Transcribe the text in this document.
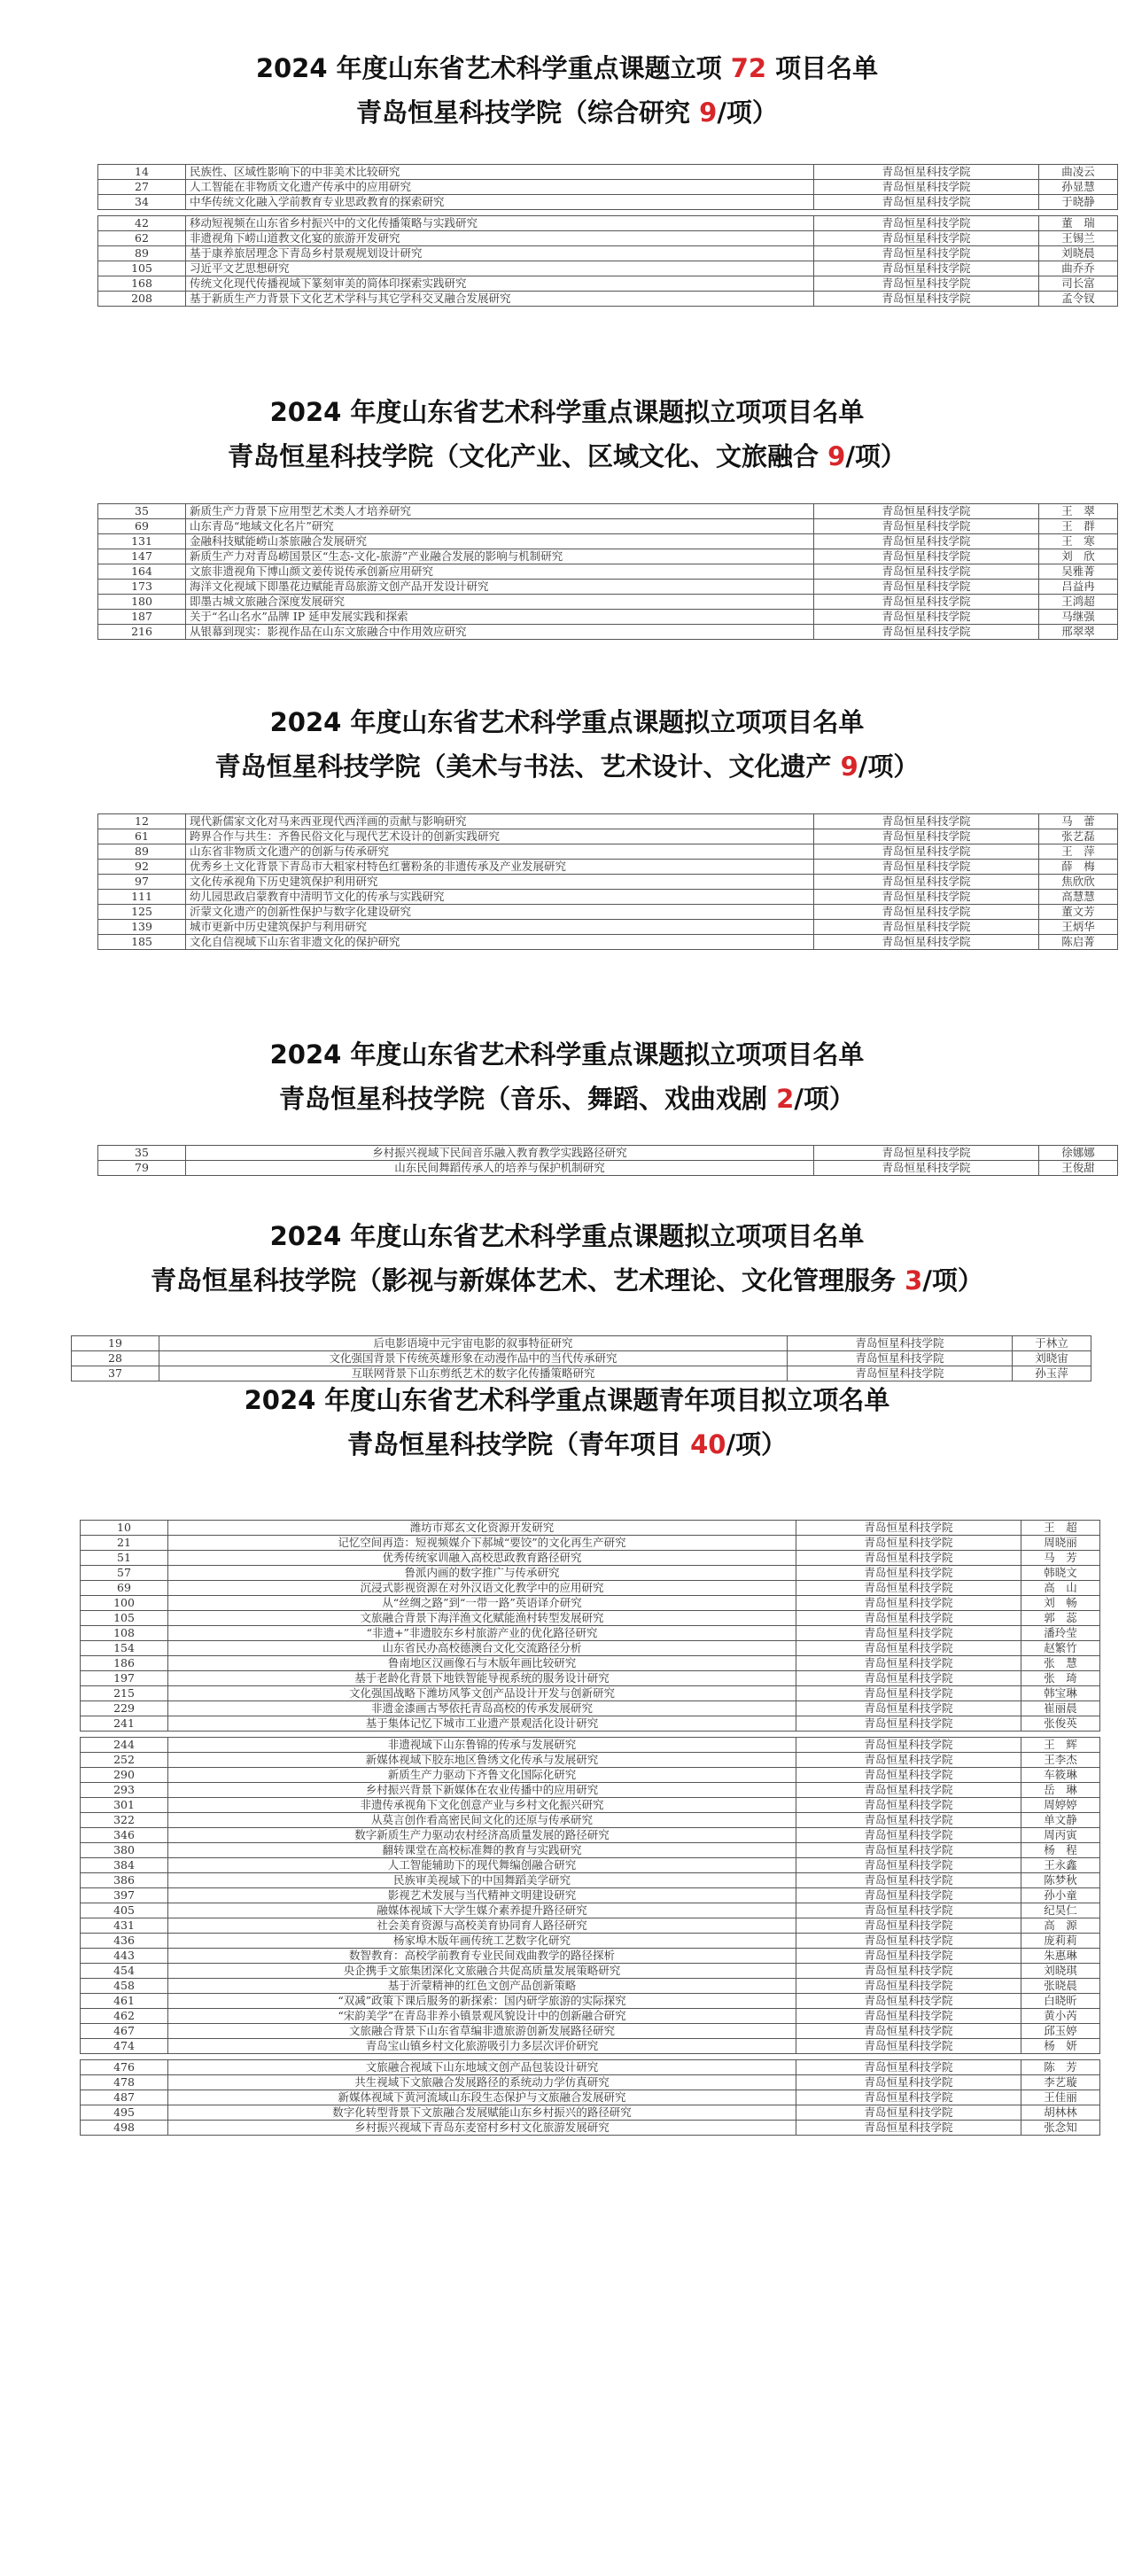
2024 年度山东省艺术科学重点课题立项 72 项目名单
青岛恒星科技学院（综合研究 9/项）
14	民族性、区域性影响下的中非美术比较研究	青岛恒星科技学院	曲凌云
27	人工智能在非物质文化遗产传承中的应用研究	青岛恒星科技学院	孙显慧
34	中华传统文化融入学前教育专业思政教育的探索研究	青岛恒星科技学院	于晓静

42	移动短视频在山东省乡村振兴中的文化传播策略与实践研究	青岛恒星科技学院	董　瑞
62	非遗视角下崂山道教文化宴的旅游开发研究	青岛恒星科技学院	王锡兰
89	基于康养旅居理念下青岛乡村景观规划设计研究	青岛恒星科技学院	刘晓晨
105	习近平文艺思想研究	青岛恒星科技学院	曲乔乔
168	传统文化现代传播视域下篆刻审美的简体印探索实践研究	青岛恒星科技学院	司长富
208	基于新质生产力背景下文化艺术学科与其它学科交叉融合发展研究	青岛恒星科技学院	孟令钗
2024 年度山东省艺术科学重点课题拟立项项目名单
青岛恒星科技学院（文化产业、区域文化、文旅融合 9/项）
35	新质生产力背景下应用型艺术类人才培养研究	青岛恒星科技学院	王　翠
69	山东青岛“地域文化名片”研究	青岛恒星科技学院	王　群
131	金融科技赋能崂山茶旅融合发展研究	青岛恒星科技学院	王　寒
147	新质生产力对青岛崂国景区“生态-文化-旅游”产业融合发展的影响与机制研究	青岛恒星科技学院	刘　欣
164	文旅非遗视角下博山颜文姜传说传承创新应用研究	青岛恒星科技学院	吴雅菁
173	海洋文化视域下即墨花边赋能青岛旅游文创产品开发设计研究	青岛恒星科技学院	吕益冉
180	即墨古城文旅融合深度发展研究	青岛恒星科技学院	王鸿超
187	关于“名山名水”品牌 IP 延申发展实践和探索	青岛恒星科技学院	马继强
216	从银幕到现实：影视作品在山东文旅融合中作用效应研究	青岛恒星科技学院	邢翠翠
2024 年度山东省艺术科学重点课题拟立项项目名单
青岛恒星科技学院（美术与书法、艺术设计、文化遗产 9/项）
12	现代新儒家文化对马来西亚现代西洋画的贡献与影响研究	青岛恒星科技学院	马　蕾
61	跨界合作与共生：齐鲁民俗文化与现代艺术设计的创新实践研究	青岛恒星科技学院	张艺磊
89	山东省非物质文化遗产的创新与传承研究	青岛恒星科技学院	王　萍
92	优秀乡土文化背景下青岛市大粗家村特色红薯粉条的非遗传承及产业发展研究	青岛恒星科技学院	薛　梅
97	文化传承视角下历史建筑保护利用研究	青岛恒星科技学院	焦欣欣
111	幼儿园思政启蒙教育中清明节文化的传承与实践研究	青岛恒星科技学院	高慧慧
125	沂蒙文化遗产的创新性保护与数字化建设研究	青岛恒星科技学院	董文芳
139	城市更新中历史建筑保护与利用研究	青岛恒星科技学院	王炳华
185	文化自信视域下山东省非遗文化的保护研究	青岛恒星科技学院	陈启菁
2024 年度山东省艺术科学重点课题拟立项项目名单
青岛恒星科技学院（音乐、舞蹈、戏曲戏剧 2/项）
35	乡村振兴视域下民间音乐融入教育教学实践路径研究	青岛恒星科技学院	徐娜娜
79	山东民间舞蹈传承人的培养与保护机制研究	青岛恒星科技学院	王俊甜
2024 年度山东省艺术科学重点课题拟立项项目名单
青岛恒星科技学院（影视与新媒体艺术、艺术理论、文化管理服务 3/项）
19	后电影语境中元宇宙电影的叙事特征研究	青岛恒星科技学院	于林立
28	文化强国背景下传统英雄形象在动漫作品中的当代传承研究	青岛恒星科技学院	刘晓宙
37	互联网背景下山东剪纸艺术的数字化传播策略研究	青岛恒星科技学院	孙玉萍
2024 年度山东省艺术科学重点课题青年项目拟立项名单
青岛恒星科技学院（青年项目 40/项）
10	潍坊市郑玄文化资源开发研究	青岛恒星科技学院	王　超
21	记忆空间再造：短视频媒介下郝城“要饺”的文化再生产研究	青岛恒星科技学院	周晓丽
51	优秀传统家训融入高校思政教育路径研究	青岛恒星科技学院	马　芳
57	鲁派内画的数字推广与传承研究	青岛恒星科技学院	韩晓文
69	沉浸式影视资源在对外汉语文化教学中的应用研究	青岛恒星科技学院	高　山
100	从“丝绸之路”到“一带一路”英语译介研究	青岛恒星科技学院	刘　畅
105	文旅融合背景下海洋渔文化赋能渔村转型发展研究	青岛恒星科技学院	郭　蕊
108	“非遗+”非遗胶东乡村旅游产业的优化路径研究	青岛恒星科技学院	潘玲莹
154	山东省民办高校德澳台文化交流路径分析	青岛恒星科技学院	赵繁竹
186	鲁南地区汉画像石与木版年画比较研究	青岛恒星科技学院	张　慧
197	基于老龄化背景下地铁智能导视系统的服务设计研究	青岛恒星科技学院	张　琦
215	文化强国战略下潍坊风筝文创产品设计开发与创新研究	青岛恒星科技学院	韩宝琳
229	非遗金漆画古琴依托青岛高校的传承发展研究	青岛恒星科技学院	崔丽晨
241	基于集体记忆下城市工业遗产景观活化设计研究	青岛恒星科技学院	张俊英

244	非遗视域下山东鲁锦的传承与发展研究	青岛恒星科技学院	王　辉
252	新媒体视域下胶东地区鲁绣文化传承与发展研究	青岛恒星科技学院	王李杰
290	新质生产力驱动下齐鲁文化国际化研究	青岛恒星科技学院	车筱琳
293	乡村振兴背景下新媒体在农业传播中的应用研究	青岛恒星科技学院	岳　琳
301	非遗传承视角下文化创意产业与乡村文化振兴研究	青岛恒星科技学院	周婷婷
322	从莫言创作看高密民间文化的还原与传承研究	青岛恒星科技学院	单文静
346	数字新质生产力驱动农村经济高质量发展的路径研究	青岛恒星科技学院	周丙寅
380	翻转课堂在高校标准舞的教育与实践研究	青岛恒星科技学院	杨　程
384	人工智能辅助下的现代舞编创融合研究	青岛恒星科技学院	王永鑫
386	民族审美视域下的中国舞蹈美学研究	青岛恒星科技学院	陈梦秋
397	影视艺术发展与当代精神文明建设研究	青岛恒星科技学院	孙小童
405	融媒体视域下大学生媒介素养提升路径研究	青岛恒星科技学院	纪昊仁
431	社会美育资源与高校美育协同育人路径研究	青岛恒星科技学院	高　源
436	杨家埠木版年画传统工艺数字化研究	青岛恒星科技学院	庞莉莉
443	数智教育：高校学前教育专业民间戏曲教学的路径探析	青岛恒星科技学院	朱惠琳
454	央企携手文旅集团深化文旅融合共促高质量发展策略研究	青岛恒星科技学院	刘晓琪
458	基于沂蒙精神的红色文创产品创新策略	青岛恒星科技学院	张晓晨
461	“双减”政策下课后服务的新探索：国内研学旅游的实际探究	青岛恒星科技学院	白晓昕
462	“宋韵美学”在青岛非养小镇景观风貌设计中的创新融合研究	青岛恒星科技学院	黄小芮
467	文旅融合背景下山东省草编非遗旅游创新发展路径研究	青岛恒星科技学院	邱玉婷
474	青岛宝山镇乡村文化旅游吸引力多层次评价研究	青岛恒星科技学院	杨　妍

476	文旅融合视域下山东地域文创产品包装设计研究	青岛恒星科技学院	陈　芳
478	共生视域下文旅融合发展路径的系统动力学仿真研究	青岛恒星科技学院	李艺璇
487	新媒体视域下黄河流域山东段生态保护与文旅融合发展研究	青岛恒星科技学院	王佳丽
495	数字化转型背景下文旅融合发展赋能山东乡村振兴的路径研究	青岛恒星科技学院	胡林林
498	乡村振兴视域下青岛东麦窑村乡村文化旅游发展研究	青岛恒星科技学院	张念知
